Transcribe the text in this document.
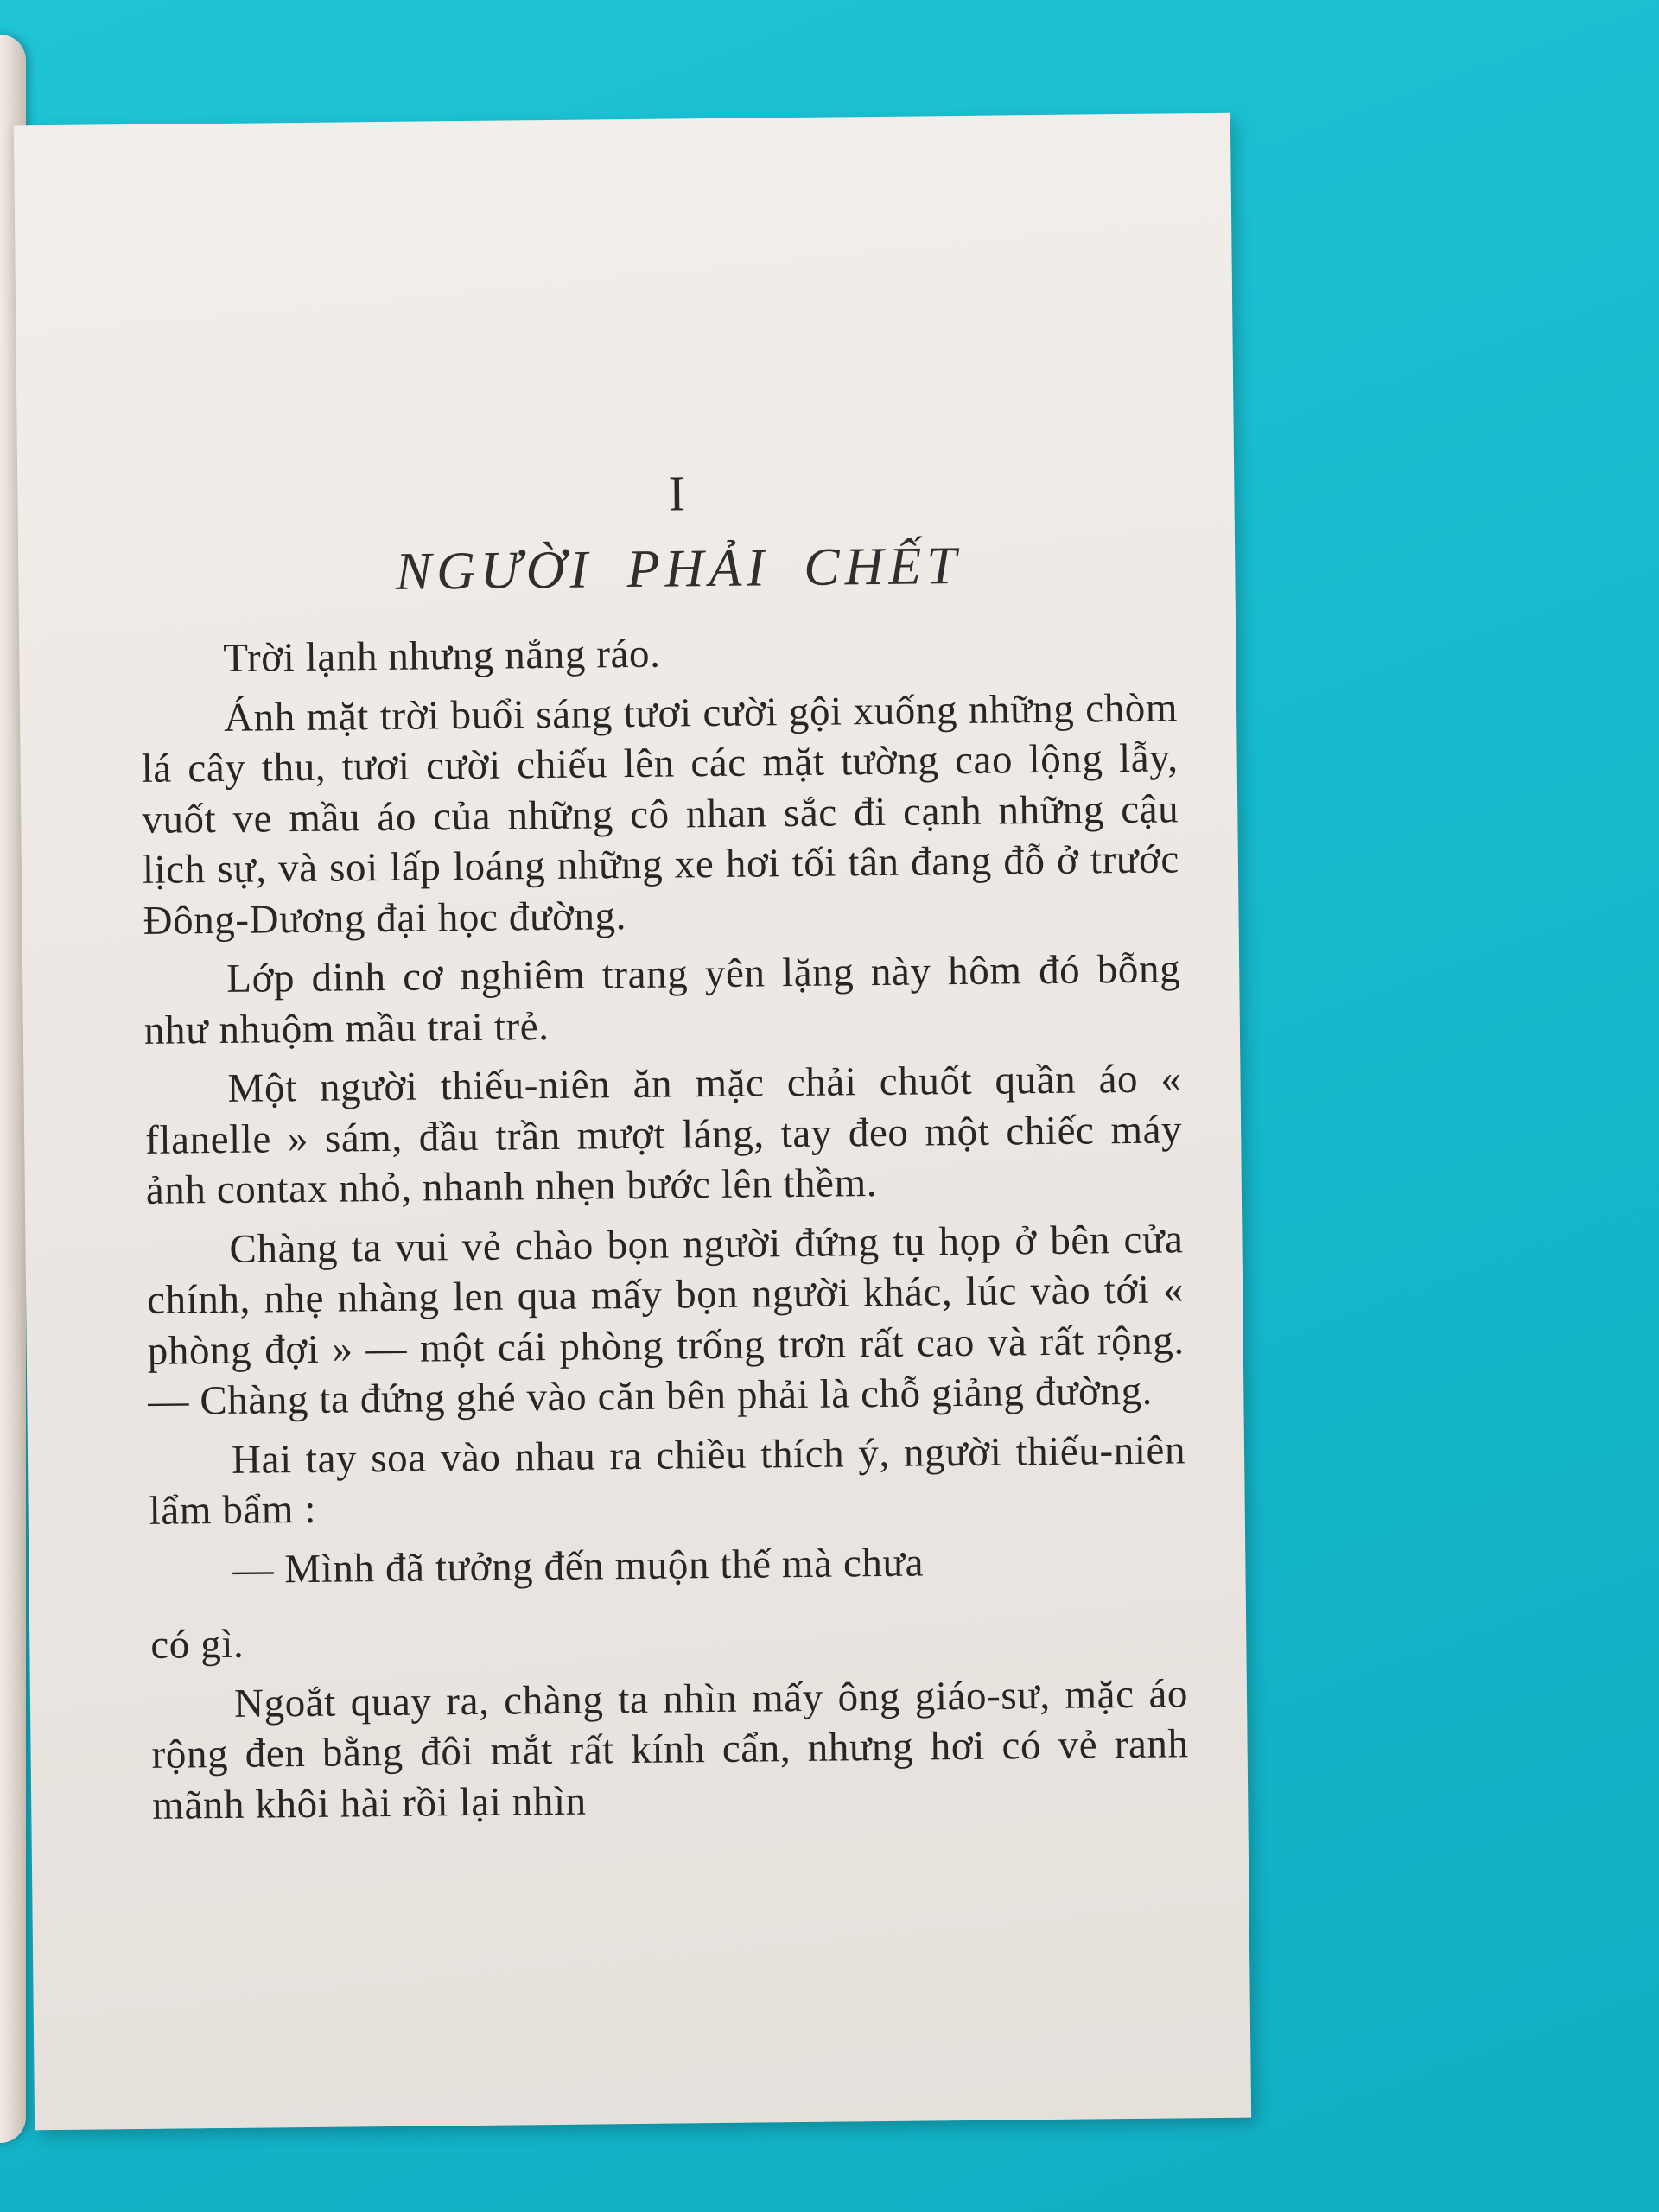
I
NGƯỜI PHẢI CHẾT

Trời lạnh nhưng nắng ráo.

Ánh mặt trời buổi sáng tươi cười gội xuống những chòm lá cây thu, tươi cười chiếu lên các mặt tường cao lộng lẫy, vuốt ve mầu áo của những cô nhan sắc đi cạnh những cậu lịch sự, và soi lấp loáng những xe hơi tối tân đang đỗ ở trước Đông-Dương đại học đường.

Lớp dinh cơ nghiêm trang yên lặng này hôm đó bỗng như nhuộm mầu trai trẻ.

Một người thiếu-niên ăn mặc chải chuốt quần áo « flanelle » sám, đầu trần mượt láng, tay đeo một chiếc máy ảnh contax nhỏ, nhanh nhẹn bước lên thềm.

Chàng ta vui vẻ chào bọn người đứng tụ họp ở bên cửa chính, nhẹ nhàng len qua mấy bọn người khác, lúc vào tới « phòng đợi » — một cái phòng trống trơn rất cao và rất rộng.— Chàng ta đứng ghé vào căn bên phải là chỗ giảng đường.

Hai tay soa vào nhau ra chiều thích ý, người thiếu-niên lẩm bẩm :

— Mình đã tưởng đến muộn thế mà chưa

có gì.

Ngoắt quay ra, chàng ta nhìn mấy ông giáo-sư, mặc áo rộng đen bằng đôi mắt rất kính cẩn, nhưng hơi có vẻ ranh mãnh khôi hài rồi lại nhìn
